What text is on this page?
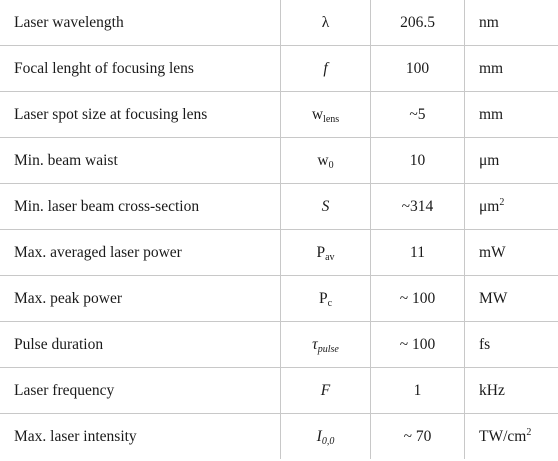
Laser wavelength	λ	206.5	nm
Focal lenght of focusing lens	f	100	mm
Laser spot size at focusing lens	$w_{lens}$	~5	mm
Min. beam waist	$w_0$	10	μm
Min. laser beam cross-section	S	~314	$\mu m^2$
Max. averaged laser power	$P_{av}$	11	mW
Max. peak power	$P_c$	~ 100	MW
Pulse duration	$\tau_{pulse}$	~ 100	fs
Laser frequency	F	1	kHz
Max. laser intensity	$I_{0,0}$	~ 70	$TW/cm^2$
